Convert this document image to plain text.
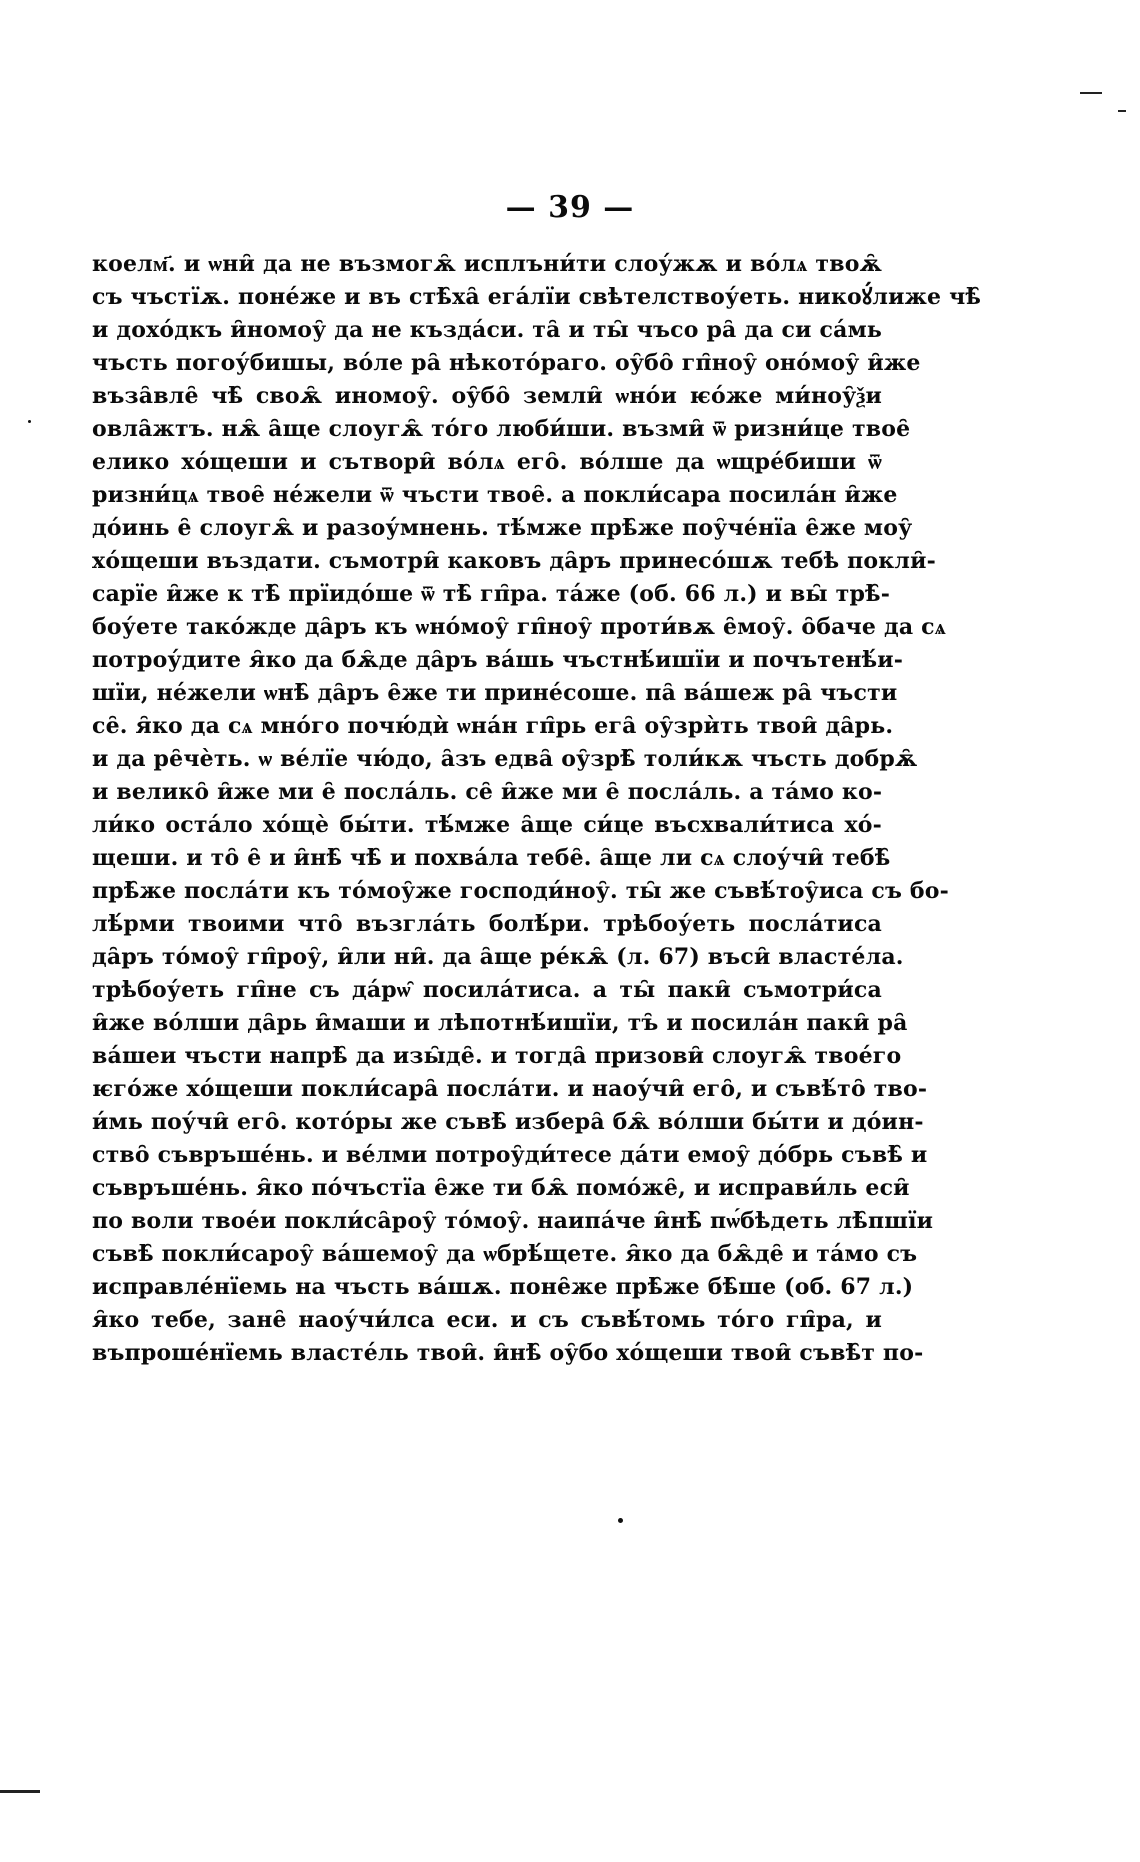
— 39 —
коелм҃. и ѡни̑ да не възмогѫ̑ исплъни́ти слоу́жѫ и во́лѧ твоѫ̑
съ чъстїѫ. поне́же и въ стѣ̑ха̑ ега́лїи свѣтелствоу́еть. никоꙋ́лиже чѣ̑
и дохо́дкъ и̑номоу̑ да не къзда́си. та̑ и ты̑ чъсо ра̑ да си са́мь
чъсть погоу́бишы, во́ле ра̑ нѣкото́раго. оу̑бо̑ гп̑ноу̑ оно́моу̑ и̑же
въза̑вле̑ чѣ̑ своѫ̑ иномоу̑. оу̑бо̑ земли̑ ѡно́и ѥо́же ми́ноу̑ѯи
овла̑жтъ. нѫ̑ а̑ще слоугѫ̑ то́го люби́ши. възми̑ ѿ ризни́це твое̑
елико хо́щеши и сътвори̑ во́лѧ его̑. во́лше да ѡщре́биши ѿ
ризни́цѧ твое̑ не́жели ѿ чъсти твое̑. а покли́сара посила́н и̑же
до́инь е̑ слоугѫ̑ и разоу́мнень. тѣ́мже прѣ̑же поу̑че́нїа е̑же моу̑
хо́щеши въздати. съмотри̑ каковъ да̑ръ принесо́шѫ тебѣ покли̑-
сарїе и̑же к тѣ̑ прїидо́ше ѿ тѣ̑ гп̑ра. та́же (об. 66 л.) и вы̑ трѣ̑-
боу́ете тако́жде да̑ръ къ ѡно́моу̑ гп̑ноу̑ проти́вѫ е̑моу̑. о̑баче да сѧ
потроу́дите я̑ко да бѫ̑де да̑ръ ва́шь чъстнѣ́ишїи и почътенѣ́и-
шїи, не́жели ѡнѣ̑ да̑ръ е̑же ти прине́соше. па̑ ва́шеж ра̑ чъсти
се̑. я̑ко да сѧ мно́го почю́дѝ ѡна́н гп̑рь ега̑ оу̑зрѝть твои̑ да̑рь.
и да ре̑чѐть. ѡ ве́лїе чю́до, а̑зъ едва̑ оу̑зрѣ̑ толи́кѫ чъсть добрѫ̑
и велико̑ и̑же ми е̑ посла́ль. се̑ и̑же ми е̑ посла́ль. а та́мо ко-
ли́ко оста́ло хо́щѐ бы́ти. тѣ́мже а̑ще си́це въсхвали́тиса хо́-
щеши. и то̑ е̑ и и̑нѣ̑ чѣ̑ и похва́ла тебе̑. а̑ще ли сѧ слоу́чи̑ тебѣ̑
прѣ̑же посла́ти къ то́моу̑же господи́ноу̑. ты̑ же съвѣ́тоу̑иса съ бо-
лѣ́рми твоими что̑ възгла́ть болѣ́ри. трѣбоу́еть посла́тиса
да̑ръ то́моу̑ гп̑роу̑, и̑ли ни̑. да а̑ще ре́кѫ̑ (л. 67) въси̑ власте́ла.
трѣбоу́еть гп̑не съ да́рѡ̑ посила́тиса. а ты̑ паки̑ съмотри́са
и̑же во́лши да̑рь и̑маши и лѣпотнѣ́ишїи, тъ̑ и посила́н паки̑ ра̑
ва́шеи чъсти напрѣ̑ да изы̑де̑. и тогда̑ призови̑ слоугѫ̑ твое́го
ѥго́же хо́щеши покли́сара̑ посла́ти. и наоу́чи̑ его̑, и съвѣ́то̑ тво-
и́мь поу́чи̑ его̑. кото́ры же съвѣ̑ избера̑ бѫ̑ во́лши бы́ти и до́ин-
ство̑ съвръше́нь. и ве́лми потроу̑ди́тесе да́ти емоу̑ до́брь съвѣ̑ и
съвръше́нь. я̑ко по́чъстїа е̑же ти бѫ̑ помо́же̑, и исправи́ль еси̑
по воли твое́и покли́са̑роу̑ то́моу̑. наипа́че и̑нѣ̑ пѡ́бѣдеть лѣ̑пшїи
съвѣ̑ покли́сароу̑ ва́шемоу̑ да ѡбрѣ́щете. я̑ко да бѫ̑де̑ и та́мо съ
исправле́нїемь на чъсть ва́шѫ. поне̑же прѣ̑же бѣ̑ше (об. 67 л.)
я̑ко тебе, зане̑ наоу́чи́лса еси. и съ съвѣ́томь то́го гп̑ра, и
въпроше́нїемь власте́ль твои̑. и̑нѣ̑ оу̑бо хо́щеши твои̑ съвѣ̑т по-
